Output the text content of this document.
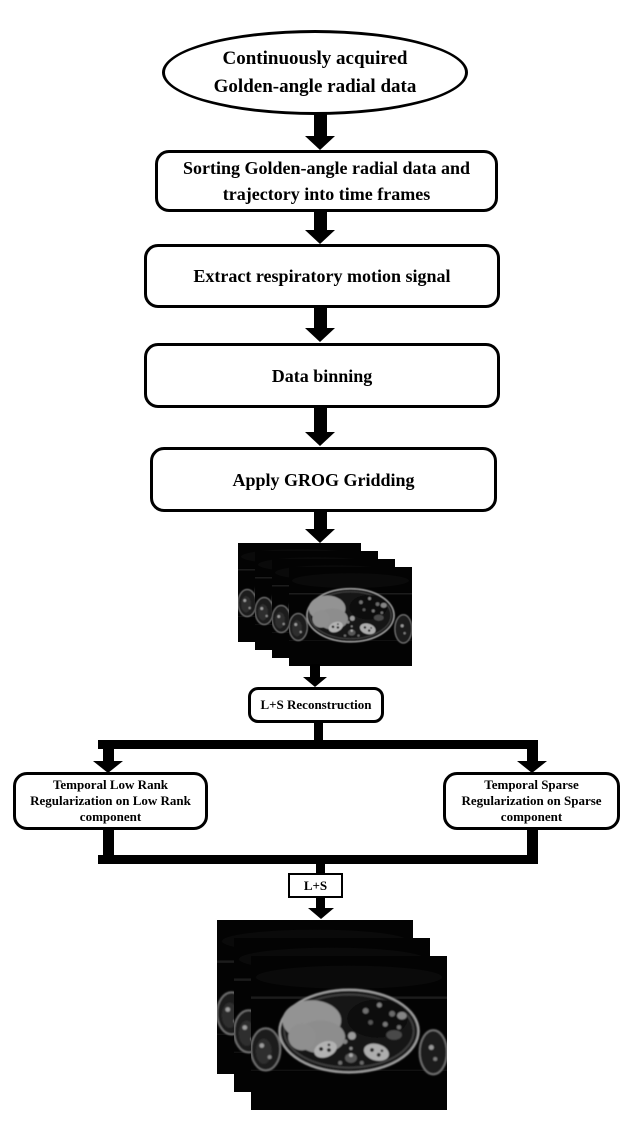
Continuously acquired
Golden-angle radial data
Sorting Golden-angle radial data and
trajectory into time frames
Extract respiratory motion signal
Data binning
Apply GROG Gridding
L+S Reconstruction
Temporal Low Rank
Regularization on Low Rank
component
Temporal Sparse
Regularization on Sparse
component
L+S
